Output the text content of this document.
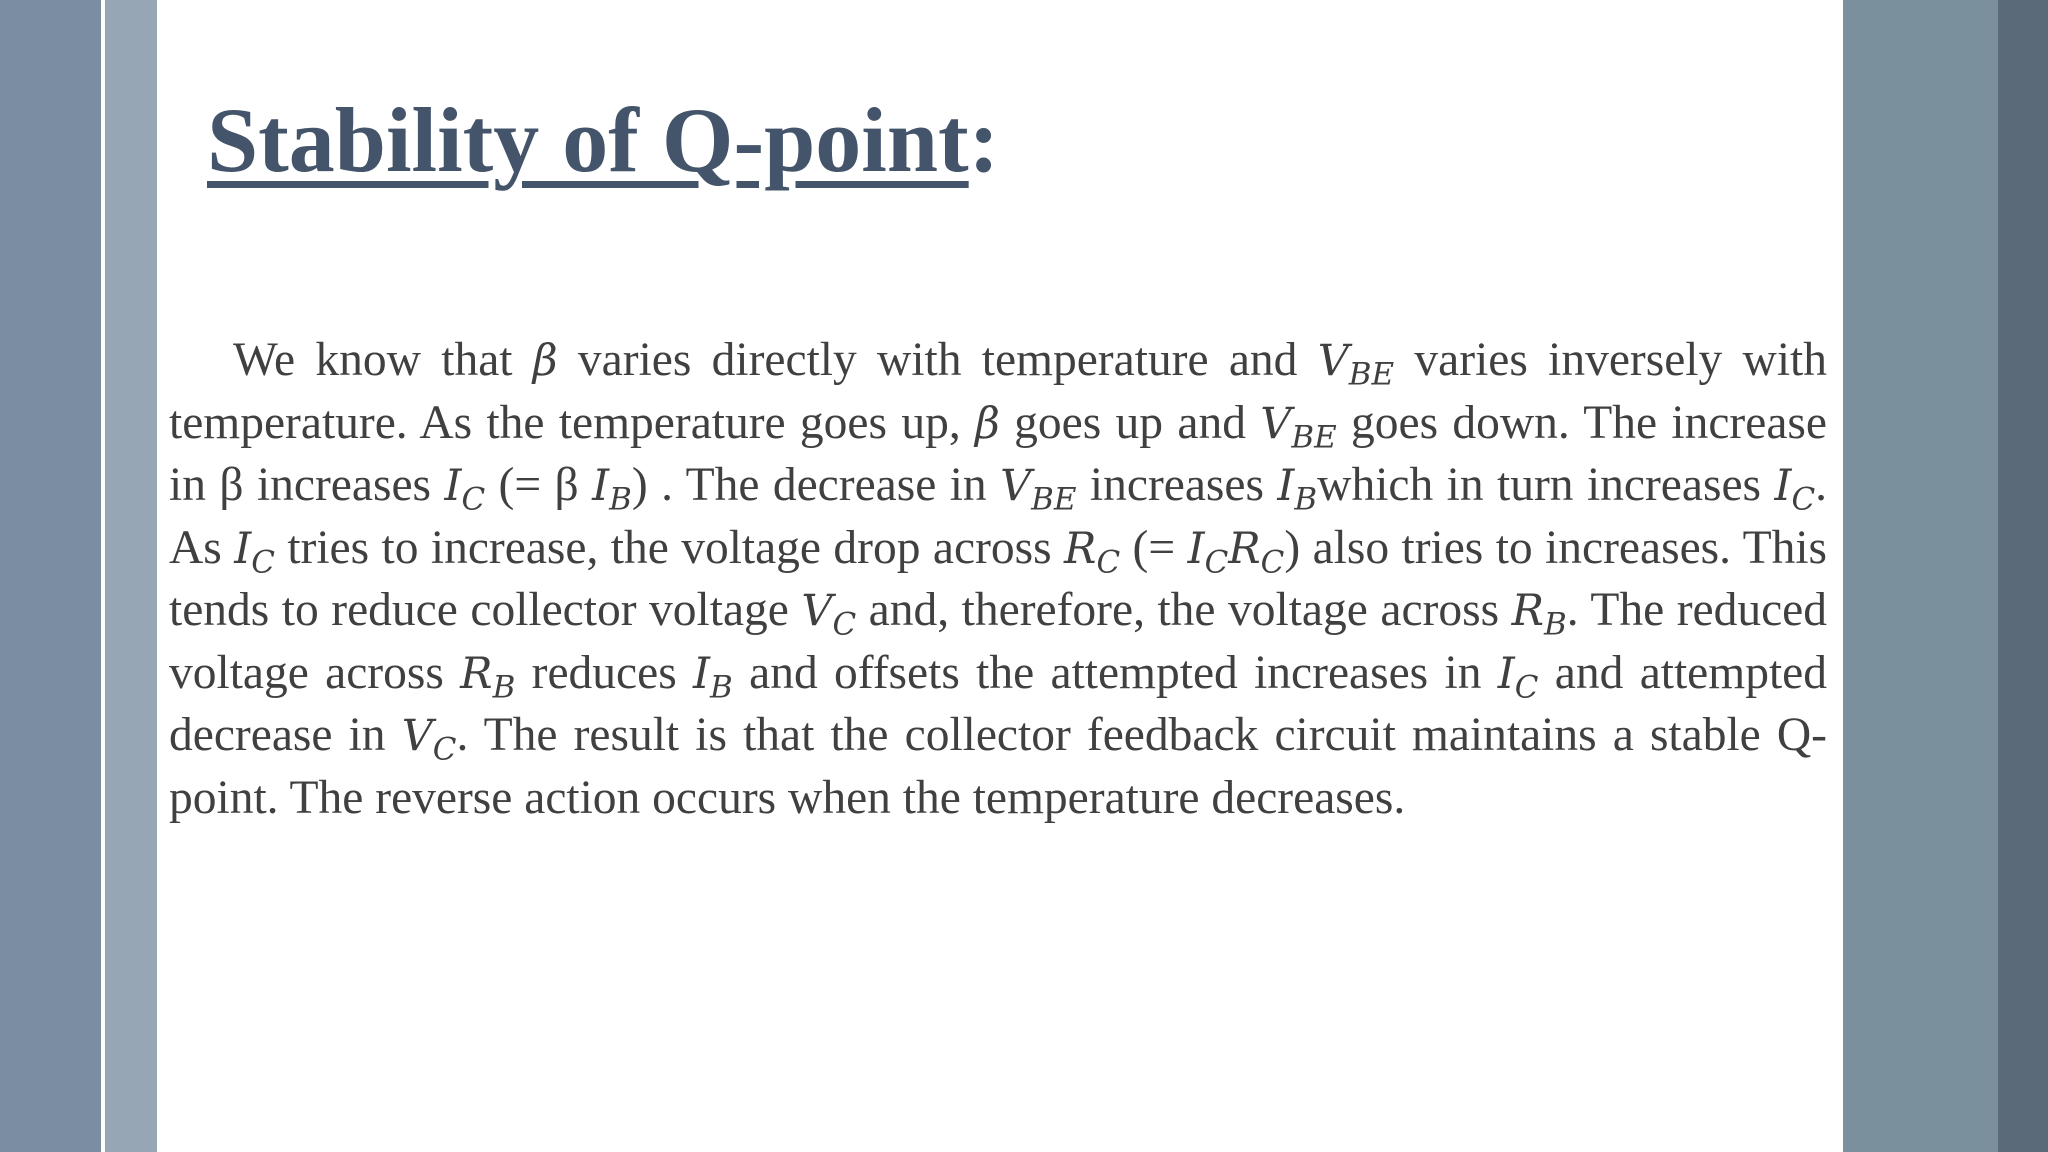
Stability of Q-point:

We know that β varies directly with temperature and $V_{BE}$ varies inversely with temperature. As the temperature goes up, β goes up and $V_{BE}$ goes down. The increase in β increases $I_C$ (= β $I_B$) . The decrease in $V_{BE}$ increases $I_Bwhich$ in turn increases $I_C$. As $I_C$ tries to increase, the voltage drop across $R_C$ (= $I_CR_C$) also tries to increases. This tends to reduce collector voltage $V_C$ and, therefore, the voltage across $R_B$. The reduced voltage across $R_B$ reduces $I_B$ and offsets the attempted increases in $I_C$ and attempted decrease in $V_C$. The result is that the collector feedback circuit maintains a stable Q-point. The reverse action occurs when the temperature decreases.
